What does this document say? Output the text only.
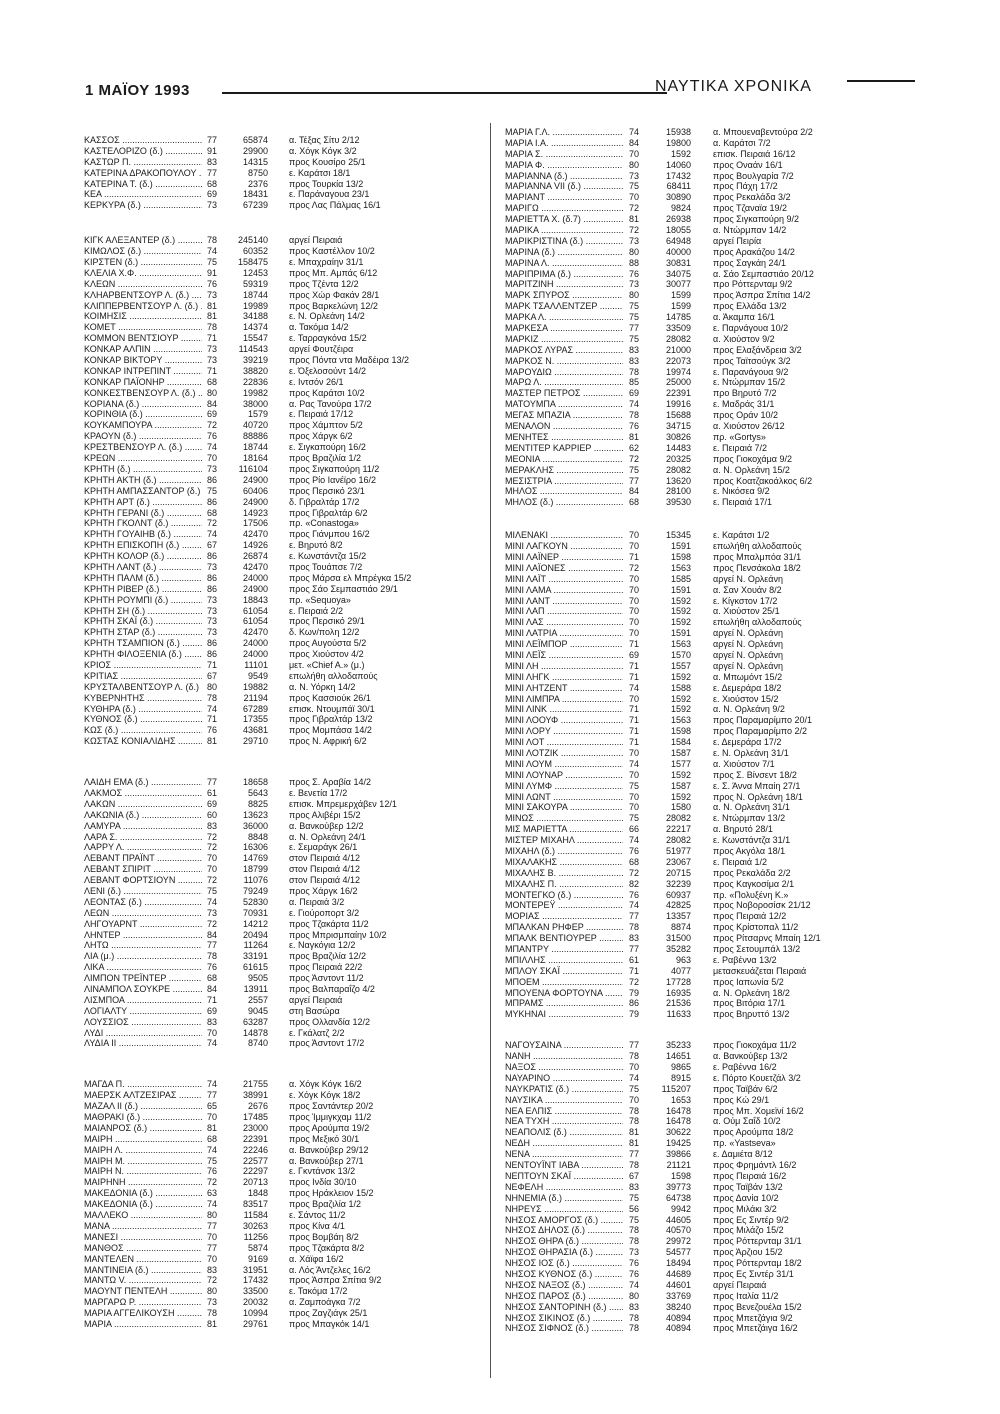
1 ΜΑΪΟΥ 1993	ΝΑΥΤΙΚΑ ΧΡΟΝΙΚΑ
ΚΑΣΣΟΣ .....	77	65874 α. Τέξας Σίτυ 2/12
ΚΑΣΤΕΛΟΡΙΖΟ (δ.) .....	91	29900 α. Χόγκ Κόγκ 3/2
ΚΑΣΤΩΡ Π. .....	83	14315 προς Κουσίρο 25/1
ΚΑΤΕΡΙΝΑ ΔΡΑΚΟΠΟΥΛΟΥ .....	77	8750 ε. Καράτσι 18/1
ΚΑΤΕΡΙΝΑ Τ. (δ.) .....	68	2376 προς Τουρκία 13/2
ΚΕΑ .....	69	18431 ε. Παράναγουα 23/1
ΚΕΡΚΥΡΑ (δ.) .....	73	67239 προς Λας Πάλμας 16/1
ΚΙΓΚ ΑΛΕΞΑΝΤΕΡ (δ.) .....	78	245140 αργεί Πειραιά
ΚΙΜΩΛΟΣ (δ.) .....	74	60352 προς Καστέλλον 10/2
ΚΙΡΣΤΕΝ (δ.) .....	75	158475 ε. Μπαχραίην 31/1
ΚΛΕΛΙΑ Χ.Φ. .....	91	12453 προς Μπ. Αμπάς 6/12
ΚΛΕΩΝ .....	76	59319 προς Τζέντα 12/2
ΚΛΗΑΡΒΕΝΤΣΟΥΡ Λ. (δ.) .....	73	18744 προς Χώρ Φακάν 28/1
ΚΛΙΠΠΕΡΒΕΝΤΣΟΥΡ Λ. (δ.) ..... 81	19989 προς Βαρκελώνη 12/2
ΚΟΙΜΗΣΙΣ .....	81	34188 ε. Ν. Ορλεάνη 14/2
ΚΟΜΕΤ .....	78	14374 α. Τακόμα 14/2
ΚΟΜΜΟΝ ΒΕΝΤΣΙΟΥΡ .....	71	15547 ε. Ταρραγκόνα 15/2
ΚΟΝΚΑΡ ΑΛΠΙΝ .....	73	114543 αργεί Φουτζέιρα
ΚΟΝΚΑΡ ΒΙΚΤΟΡΥ .....	73	39219 προς Πόντα ντα Μαδέιρα 13/2
ΚΟΝΚΑΡ ΙΝΤΡΕΠΙΝΤ .....	71	38820 ε. Όξελοσούντ 14/2
ΚΟΝΚΑΡ ΠΑΪΟΝΗΡ .....	68	22836 ε. Ιντσόν 26/1
ΚΟΝΚΕΣΤΒΕΝΣΟΥΡ Λ. (δ.) .....	80	19982 προς Καράτσι 10/2
ΚΟΡΙΑΝΑ (δ.) .....	84	38000 α. Ρας Τανούρα 17/2
ΚΟΡΙΝΘΙΑ (δ.) .....	69	1579 ε. Πειραιά 17/12
ΚΟΥΚΑΜΠΟΥΡΑ .....	72	40720 προς Χάμπτον 5/2
ΚΡΑΟΥΝ (δ.) .....	76	88886 προς Χάργκ 6/2
ΚΡΕΣΤΒΕΝΣΟΥΡ Λ. (δ.) .....	74	18744 ε. Σιγκαπούρη 16/2
ΚΡΕΩΝ .....	70	18164 προς Βραζιλία 1/2
ΚΡΗΤΗ (δ.) .....	73	116104 προς Σιγκαπούρη 11/2
ΚΡΗΤΗ ΑΚΤΗ (δ.) .....	86	24900 προς Ρίο Ιανέϊρο 16/2
ΚΡΗΤΗ ΑΜΠΑΣΣΑΝΤΟΡ (δ.) ..... 75	60406 προς Περσικό 23/1
ΚΡΗΤΗ ΑΡΤ (δ.) .....	86	24900 δ. Γιβραλτάρ 17/2
ΚΡΗΤΗ ΓΕΡΑΝΙ (δ.) .....	68	14923 προς Γιβραλτάρ 6/2
ΚΡΗΤΗ ΓΚΟΛΝΤ (δ.) .....	72	17506 πρ. «Conastoga»
ΚΡΗΤΗ ΓΟΥΑΙΗΒ (δ.) .....	74	42470 προς Γιάνμπου 16/2
ΚΡΗΤΗ ΕΠΙΣΚΟΠΗ (δ.) .....	67	14926 ε. Βηρυτό 8/2
ΚΡΗΤΗ ΚΟΛΟΡ (δ.) .....	86	26874 ε. Κωνστάντζα 15/2
ΚΡΗΤΗ ΛΑΝΤ (δ.) .....	73	42470 προς Τουάπσε 7/2
ΚΡΗΤΗ ΠΑΛΜ (δ.) .....	86	24000 προς Μάρσα ελ Μπρέγκα 15/2
ΚΡΗΤΗ ΡΙΒΕΡ (δ.) .....	86	24900 προς Σάο Σεμπαστιάο 29/1
ΚΡΗΤΗ ΡΟΥΜΠΙ (δ.) .....	73	18843 πρ. «Sequoya»
ΚΡΗΤΗ ΣΗ (δ.) .....	73	61054 ε. Πειραιά 2/2
ΚΡΗΤΗ ΣΚΑΪ (δ.) .....	73	61054 προς Περσικό 29/1
ΚΡΗΤΗ ΣΤΑΡ (δ.) .....	73	42470 δ. Κων/πολη 12/2
ΚΡΗΤΗ ΤΣΑΜΠΙΟΝ (δ.) .....	86	24000 προς Αυγούστα 5/2
ΚΡΗΤΗ ΦΙΛΟΞΕΝΙΑ (δ.) .....	86	24000 προς Χιούστον 4/2
ΚΡΙΟΣ .....	71	11101 μετ. «Chief A.» (μ.)
ΚΡΙΤΙΑΣ .....	67	9549 επωλήθη αλλοδαπούς
ΚΡΥΣΤΑΛΒΕΝΤΣΟΥΡ Λ. (δ.) ..... 80	19882 α. Ν. Υόρκη 14/2
ΚΥΒΕΡΝΗΤΗΣ .....	78	21194 προς Κασσιούκ 26/1
ΚΥΘΗΡΑ (δ.) .....	74	67289 επισκ. Ντουμπάϊ 30/1
ΚΥΘΝΟΣ (δ.) .....	71	17355 προς Γιβραλτάρ 13/2
ΚΩΣ (δ.) .....	76	43681 προς Μομπάσα 14/2
ΚΩΣΤΑΣ ΚΟΝΙΑΛΙΔΗΣ .....	81	29710 προς Ν. Αφρική 6/2
ΛΑΙΔΗ ΕΜΑ (δ.) .....	77	18658 προς Σ. Αραβία 14/2
ΛΑΚΜΟΣ .....	61	5643 ε. Βενετία 17/2
ΛΑΚΩΝ .....	69	8825 επισκ. Μπρεμερχάβεν 12/1
ΛΑΚΩΝΙΑ (δ.) .....	60	13623 προς Αλιβέρι 15/2
ΛΑΜΥΡΑ .....	83	36000 α. Βανκούβερ 12/2
ΛΑΡΑ Σ. .....	72	8848 α. Ν. Ορλεάνη 24/1
ΛΑΡΡΥ Λ. .....	72	16306 ε. Σεμαράγκ 26/1
ΛΕΒΑΝΤ ΠΡΑΪΝΤ .....	70	14769 στον Πειραιά 4/12
ΛΕΒΑΝΤ ΣΠΙΡΙΤ .....	70	18799 στον Πειραιά 4/12
ΛΕΒΑΝΤ ΦΟΡΤΣΙΟΥΝ .....	72	11076 στον Πειραιά 4/12
ΛΕΝΙ (δ.) .....	75	79249 προς Χάργκ 16/2
ΛΕΟΝΤΑΣ (δ.) .....	74	52830 α. Πειραιά 3/2
ΛΕΩΝ .....	73	70931 ε. Γιούροπορτ 3/2
ΛΗΓΟΥΑΡΝΤ .....	72	14212 προς Τζακάρτα 11/2
ΛΗΝΤΕΡ .....	84	20494 προς Μπρισμπαίην 10/2
ΛΗΤΩ .....	77	11264 ε. Ναγκόγια 12/2
ΛΙΑ (μ.) .....	78	33191 προς Βραζιλία 12/2
ΛΙΚΑ .....	76	61615 προς Πειραιά 22/2
ΛΙΜΠΟΝ ΤΡΕΪΝΤΕΡ .....	68	9505 προς Άσντοντ 11/2
ΛΙΝΑΜΠΟΛ ΣΟΥΚΡΕ .....	84	13911 προς Βαλπαραΐζο 4/2
ΛΙΣΜΠΟΑ .....	71	2557 αργεί Πειραιά
ΛΟΓΙΑΛΤΥ .....	69	9045 στη Βασώρα
ΛΟΥΣΣΙΟΣ .....	83	63287 προς Ολλανδία 12/2
ΛΥΔΙ .....	70	14878 ε. Γκάλατζ 2/2
ΛΥΔΙΑ ΙΙ .....	74	8740 προς Άσντοντ 17/2
ΜΑΓΔΑ Π. .....	74	21755 α. Χόγκ Κόγκ 16/2
ΜΑΕΡΣΚ ΑΛΤΖΕΣΙΡΑΣ .....	77	38991 ε. Χόγκ Κόγκ 18/2
ΜΑΖΑΛ ΙΙ (δ.) .....	65	2676 προς Σαντάντερ 20/2
ΜΑΘΡΑΚΙ (δ.) .....	70	17485 προς Ίμμιγκχαμ 11/2
ΜΑΙΑΝΡΟΣ (δ.) .....	81	23000 προς Αρούμπα 19/2
ΜΑΙΡΗ .....	68	22391 προς Μεξικό 30/1
ΜΑΙΡΗ Λ. .....	74	22246 α. Βανκούβερ 29/12
ΜΑΙΡΗ Μ. .....	75	22577 α. Βανκούβερ 27/1
ΜΑΙΡΗ Ν. .....	76	22297 ε. Γκντάνσκ 13/2
ΜΑΙΡΗΝΗ .....	72	20713 προς Ινδία 30/10
ΜΑΚΕΔΟΝΙΑ (δ.) .....	63	1848 προς Ηράκλειον 15/2
ΜΑΚΕΔΟΝΙΑ (δ.) .....	74	83517 προς Βραζιλία 1/2
ΜΑΛΛΕΚΟ .....	80	11584 ε. Σάντος 11/2
ΜΑΝΑ .....	77	30263 προς Κίνα 4/1
ΜΑΝΕΣΙ .....	70	11256 προς Βομβάη 8/2
ΜΑΝΘΟΣ .....	77	5874 προς Τζακάρτα 8/2
ΜΑΝΤΕΛΕΝ .....	70	9169 α. Χάϊφα 16/2
ΜΑΝΤΙΝΕΙΑ (δ.) .....	83	31951 α. Λός Άντζελες 16/2
ΜΑΝΤΩ V. .....	72	17432 προς Άσπρα Σπίτια 9/2
ΜΑΟΥΝΤ ΠΕΝΤΕΛΗ .....	80	33500 ε. Τακόμα 17/2
ΜΑΡΓΑΡΩ Ρ. .....	73	20032 α. Ζαμποάγκα 7/2
ΜΑΡΙΑ ΑΓΓΕΛΙΚΟΥΣΗ .....	78	10994 προς Ζαγζιάγκ 25/1
ΜΑΡΙΑ .....	81	29761 προς Μπαγκόκ 14/1
ΜΑΡΙΑ Γ.Λ. .....	74	15938 α. Μπουεναβεντούρα 2/2
ΜΑΡΙΑ Ι.Α. .....	84	19800 α. Καράτσι 7/2
ΜΑΡΙΑ Σ. .....	70	1592 επισκ. Πειραιά 16/12
ΜΑΡΙΑ Φ. .....	80	14060 προς Οναάν 16/1
ΜΑΡΙΑΝΝΑ (δ.) .....	73	17432 προς Βουλγαρία 7/2
ΜΑΡΙΑΝΝΑ VII (δ.) .....	75	68411 προς Πάχη 17/2
ΜΑΡΙΑΝΤ .....	70	30890 προς Ρεκαλάδα 3/2
ΜΑΡΙΓΩ .....	72	9824 προς Τζαναϊα 19/2
ΜΑΡΙΕΤΤΑ Χ. (δ.7) .....	81	26938 προς Σιγκαπούρη 9/2
ΜΑΡΙΚΑ .....	72	18055 α. Ντώρμπαν 14/2
ΜΑΡΙΚΡΙΣΤΙΝΑ (δ.) .....	73	64948 αργεί Πειρία
ΜΑΡΙΝΑ (δ.) .....	80	40000 προς Αρακάζου 14/2
ΜΑΡΙΝΑ Λ. .....	88	30831 προς Σαγκάη 24/1
ΜΑΡΙΠΡΙΜΑ (δ.) .....	76	34075 α. Σάο Σεμπαστιάο 20/12
ΜΑΡΙΤΖΙΝΗ .....	73	30077 προ Ρόττερνταμ 9/2
ΜΑΡΚ ΣΠΥΡΟΣ .....	80	1599 προς Άσπρα Σπίτια 14/2
ΜΑΡΚ ΤΣΑΛΛΕΝΤΖΕΡ .....	75	1599 προς Ελλάδα 13/2
ΜΑΡΚΑ Λ. .....	75	14785 α. Άκαμπα 16/1
ΜΑΡΚΕΣΑ .....	77	33509 ε. Παρνάγουα 10/2
ΜΑΡΚΙΖ .....	75	28082 α. Χιούστον 9/2
ΜΑΡΚΟΣ ΛΥΡΑΣ .....	83	21000 προς Ελαξάνδρεια 3/2
ΜΑΡΚΟΣ Ν. .....	83	22073 προς Ταϊτσούγκ 3/2
ΜΑΡΟΥΔΙΩ .....	78	19974 ε. Παρανάγουα 9/2
ΜΑΡΩ Λ. .....	85	25000 ε. Ντώρμπαν 15/2
ΜΑΣΤΕΡ ΠΕΤΡΟΣ .....	69	22391 προ Βηρυτό 7/2
ΜΑΤΟΥΜΠΑ .....	74	19916 ε. Μαδράς 31/1
ΜΕΓΑΣ ΜΠΑΖΙΑ .....	78	15688 προς Οράν 10/2
ΜΕΝΑΛΟΝ .....	76	34715 α. Χιούστον 26/12
ΜΕΝΗΤΕΣ .....	81	30826 πρ. «Gortys»
ΜΕΝΤΙΤΕΡ ΚΑΡΡΙΕΡ .....	62	14483 ε. Πειραιά 7/2
ΜΕΟΝΙΑ .....	72	20325 προς Γιοκοχάμα 9/2
ΜΕΡΑΚΛΗΣ .....	75	28082 α. Ν. Ορλεάνη 15/2
ΜΕΣΙΣΤΡΙΑ .....	77	13620 προς Κοατζακοάλκος 6/2
ΜΗΛΟΣ .....	84	28100 ε. Νικόσεα 9/2
ΜΗΛΟΣ (δ.) .....	68	39530 ε. Πειραιά 17/1
ΜΙΛΕΝΑΚΙ .....	70	15345 ε. Καράτσι 1/2
ΜΙΝΙ ΛΑΓΚΟΥΝ .....	70	1591 επωλήθη αλλοδαπούς
ΜΙΝΙ ΛΑΪΝΕΡ .....	71	1598 προς Μπαλμπόα 31/1
ΜΙΝΙ ΛΑΪΟΝΕΣ .....	72	1563 προς Πενσάκολα 18/2
ΜΙΝΙ ΛΑΪΤ .....	70	1585 αργεί Ν. Ορλεάνη
ΜΙΝΙ ΛΑΜΑ .....	70	1591 α. Σαν Χουάν 8/2
ΜΙΝΙ ΛΑΝΤ .....	70	1592 ε. Κίγκστον 17/2
ΜΙΝΙ ΛΑΠ .....	70	1592 α. Χιούστον 25/1
ΜΙΝΙ ΛΑΣ .....	70	1592 επωλήθη αλλοδαπούς
ΜΙΝΙ ΛΑΤΡΙΑ .....	70	1591 αργεί Ν. Ορλεάνη
ΜΙΝΙ ΛΕΪΜΠΟΡ .....	71	1563 αργεί Ν. Ορλεάνη
ΜΙΝΙ ΛΕΪΣ .....	69	1570 αργεί Ν. Ορλεάνη
ΜΙΝΙ ΛΗ .....	71	1557 αργεί Ν. Ορλεάνη
ΜΙΝΙ ΛΗΓΚ .....	71	1592 α. Μπωμόντ 15/2
ΜΙΝΙ ΛΗΤΖΕΝΤ .....	74	1588 ε. Δεμεράρα 18/2
ΜΙΝΙ ΛΙΜΠΡΑ .....	70	1592 ε. Χιούστον 15/2
ΜΙΝΙ ΛΙΝΚ .....	71	1592 α. Ν. Ορλεάνη 9/2
ΜΙΝΙ ΛΟΟΥΦ .....	71	1563 προς Παραμαρίμπο 20/1
ΜΙΝΙ ΛΟΡΥ .....	71	1598 προς Παραμαρίμπο 2/2
ΜΙΝΙ ΛΟΤ .....	71	1584 ε. Δεμεράρα 17/2
ΜΙΝΙ ΛΟΤΖΙΚ .....	70	1587 ε. Ν. Ορλεάνη 31/1
ΜΙΝΙ ΛΟΥΜ .....	74	1577 α. Χιούστον 7/1
ΜΙΝΙ ΛΟΥΝΑΡ .....	70	1592 προς Σ. Βίνσεντ 18/2
ΜΙΝΙ ΛΥΜΦ .....	75	1587 ε. Σ. Άννα Μπαίη 27/1
ΜΙΝΙ ΛΩΝΤ .....	70	1592 προς Ν. Ορλεάνη 18/1
ΜΙΝΙ ΣΑΚΟΥΡΑ .....	70	1580 α. Ν. Ορλεάνη 31/1
ΜΙΝΩΣ .....	75	28082 ε. Ντώρμπαν 13/2
ΜΙΣ ΜΑΡΙΕΤΤΑ .....	66	22217 α. Βηρυτό 28/1
ΜΙΣΤΕΡ ΜΙΧΑΗΛ .....	74	28082 ε. Κωνστάντζα 31/1
ΜΙΧΑΗΛ (δ.) .....	76	51977 προς Ακγόλα 18/1
ΜΙΧΑΛΑΚΗΣ .....	68	23067 ε. Πειραιά 1/2
ΜΙΧΑΛΗΣ Β. .....	72	20715 προς Ρεκαλάδα 2/2
ΜΙΧΑΛΗΣ Π. .....	82	32239 προς Καγκοσίμα 2/1
ΜΟΝΤΕΓΚΟ (δ.) .....	76	60937 πρ. «Πολυξένη Κ.»
ΜΟΝΤΕΡΕΫ .....	74	42825 προς Νοβοροσίσκ 21/12
ΜΟΡΙΑΣ .....	77	13357 προς Πειραιά 12/2
ΜΠΑΛΚΑΝ ΡΗΦΕΡ .....	78	8874 προς Κρίστοπαλ 11/2
ΜΠΑΛΚ ΒΕΝΤΙΟΥΡΕΡ .....	83	31500 προς Ρίτσαρνς Μπαίη 12/1
ΜΠΑΝΤΡΥ .....	77	35282 προς Σετουμπάλ 13/2
ΜΠΙΛΛΗΣ .....	61	963 ε. Ραβέννα 13/2
ΜΠΛΟΥ ΣΚΑΪ .....	71	4077 μετασκευάζεται Πειραιά
ΜΠΟΕΜ .....	72	17728 προς Ιαπωνία 5/2
ΜΠΟΥΕΝΑ ΦΟΡΤΟΥΝΑ .....	79	16935 α. Ν. Ορλεάνη 18/2
ΜΠΡΑΜΣ .....	86	21536 προς Βιτόρια 17/1
ΜΥΚΗΝΑΙ .....	79	11633 προς Βηρυττό 13/2
ΝΑΓΟΥΣΑΙΝΑ .....	77	35233 προς Γιοκοχάμα 11/2
ΝΑΝΗ .....	78	14651 α. Βανκούβερ 13/2
ΝΑΞΟΣ .....	70	9865 ε. Ραβέννα 16/2
ΝΑΥΑΡΙΝΟ .....	74	8915 ε. Πόρτο Κουετζάλ 3/2
ΝΑΥΚΡΑΤΙΣ (δ.) .....	75	115207 προς Ταϊβάν 6/2
ΝΑΥΣΙΚΑ .....	70	1653 προς Κώ 29/1
ΝΕΑ ΕΛΠΙΣ .....	78	16478 προς Μπ. Χομεϊνί 16/2
ΝΕΑ ΤΥΧΗ .....	78	16478 α. Ούμ Σαΐδ 10/2
ΝΕΑΠΟΛΙΣ (δ.) .....	81	30622 προς Αρούμπα 18/2
ΝΕΔΗ .....	81	19425 πρ. «Yastseva»
ΝΕΝΑ .....	77	39866 ε. Δαμιέτα 8/12
ΝΕΝΤΟΥΪΝΤ ΙΑΒΑ .....	78	21121 προς Φρημάντλ 16/2
ΝΕΠΤΟΥΝ ΣΚΑΪ .....	67	1598 προς Πειραιά 16/2
ΝΕΦΕΛΗ .....	83	39773 προς Ταϊβάν 13/2
ΝΗΝΕΜΙΑ (δ.) .....	75	64738 προς Δανία 10/2
ΝΗΡΕΥΣ .....	56	9942 προς Μιλάκι 3/2
ΝΗΣΟΣ ΑΜΟΡΓΟΣ (δ.) .....	75	44605 προς Ες Σιντέρ 9/2
ΝΗΣΟΣ ΔΗΛΟΣ (δ.) .....	78	40570 προς Μιλάζο 15/2
ΝΗΣΟΣ ΘΗΡΑ (δ.) .....	78	29972 προς Ρόττερνταμ 31/1
ΝΗΣΟΣ ΘΗΡΑΣΙΑ (δ.) .....	73	54577 προς Άρζιου 15/2
ΝΗΣΟΣ ΙΟΣ (δ.) .....	76	18494 προς Ρόττερνταμ 18/2
ΝΗΣΟΣ ΚΥΘΝΟΣ (δ.) .....	76	44689 προς Ες Σιντέρ 31/1
ΝΗΣΟΣ ΝΑΞΟΣ (δ.) .....	74	44601 αργεί Πειραιά
ΝΗΣΟΣ ΠΑΡΟΣ (δ.) .....	80	33769 προς Ιταλία 11/2
ΝΗΣΟΣ ΣΑΝΤΟΡΙΝΗ (δ.) .....	83	38240 προς Βενεζουέλα 15/2
ΝΗΣΟΣ ΣΙΚΙΝΟΣ (δ.) .....	78	40894 προς Μπετζάγια 9/2
ΝΗΣΟΣ ΣΙΦΝΟΣ (δ.) .....	78	40894 προς Μπετζάιγα 16/2
